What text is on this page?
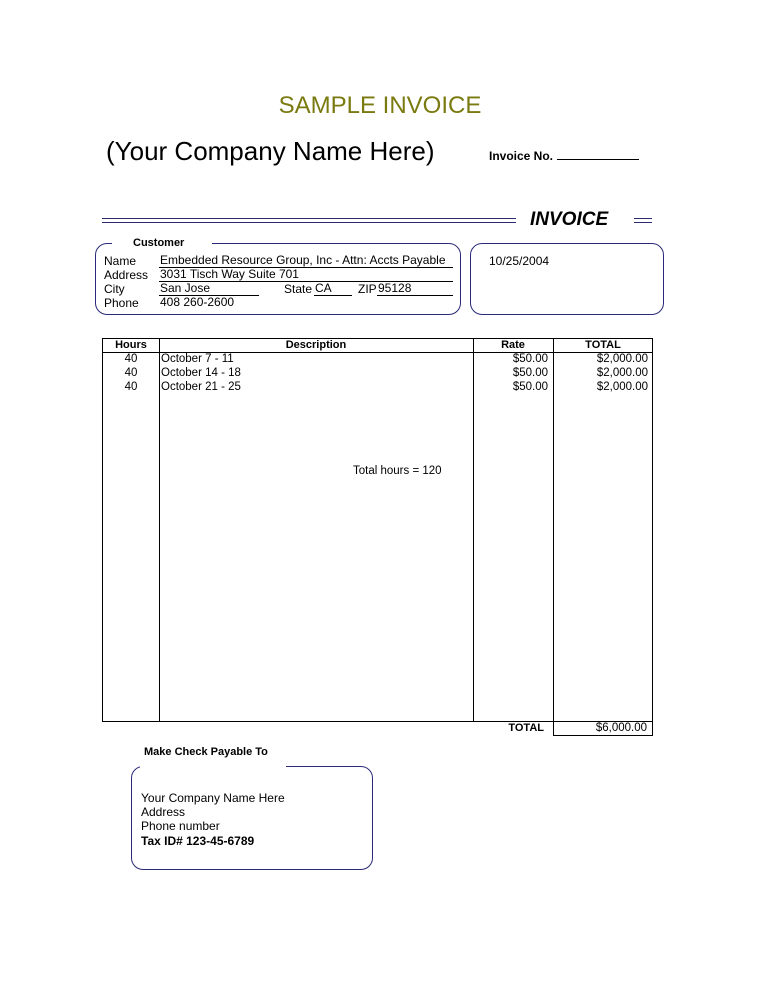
SAMPLE INVOICE
(Your Company Name Here)	Invoice No.
INVOICE
Customer
Name Embedded Resource Group, Inc - Attn: Accts Payable
Address 3031 Tisch Way Suite 701
City	San Jose	State CA	ZIP 95128
Phone 408 260-2600
10/25/2004
Hours	Description	Rate	TOTAL
40	October 7 - 11	$50.00	$2,000.00
40	October 14 - 18	$50.00	$2,000.00
40	October 21 - 25	$50.00	$2,000.00
Total hours = 120
TOTAL	$6,000.00
Make Check Payable To
Your Company Name Here
Address
Phone number
Tax ID# 123-45-6789
